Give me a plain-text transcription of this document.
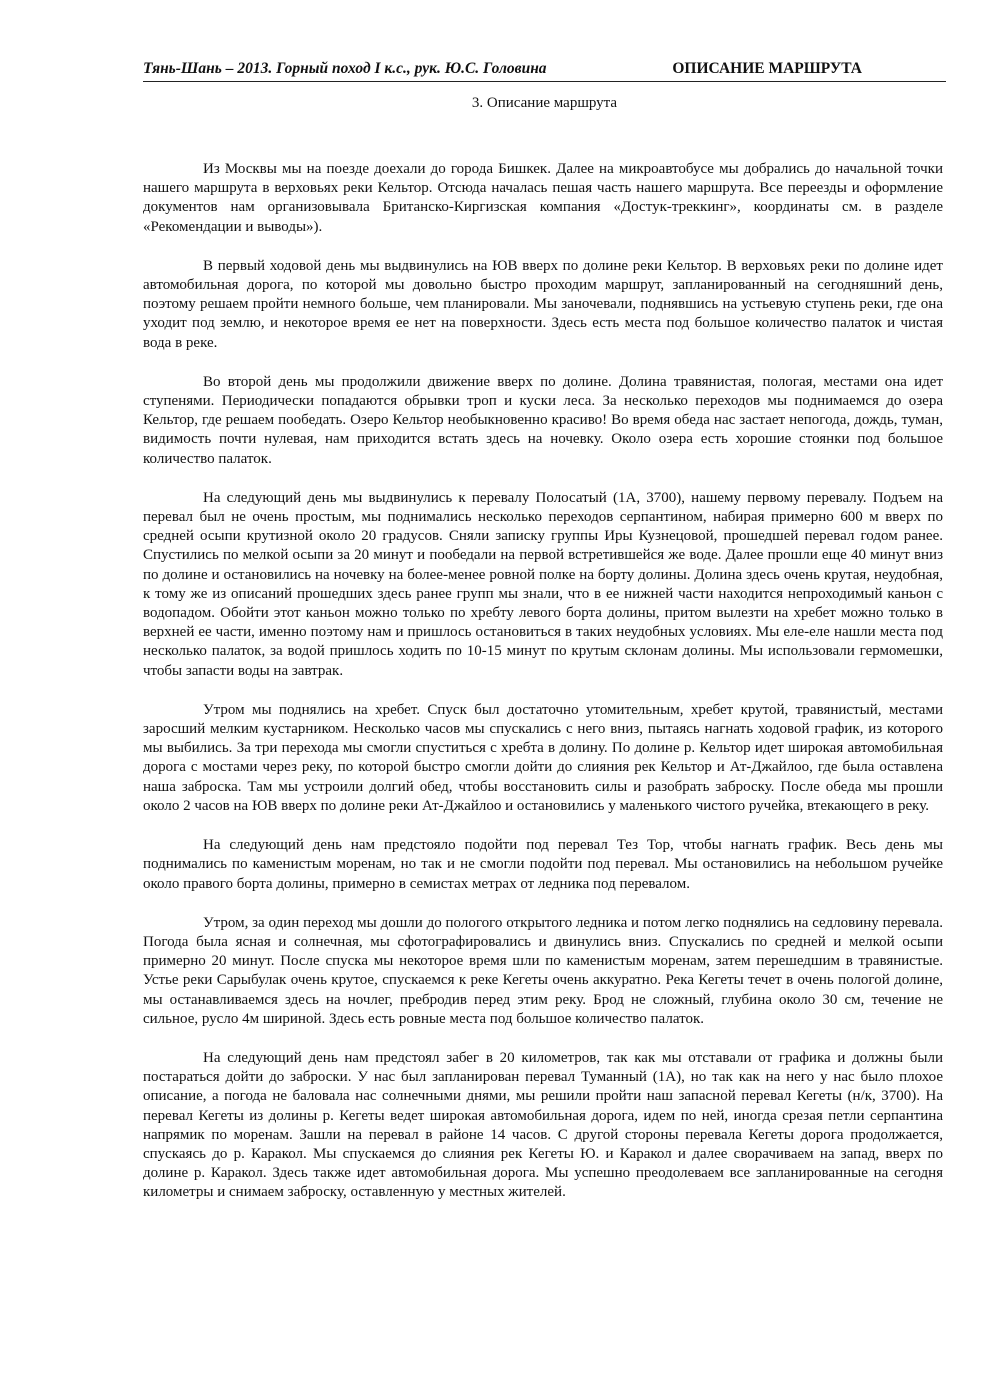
Тянь-Шань – 2013. Горный поход I к.с., рук. Ю.С. Головина	ОПИСАНИЕ МАРШРУТА
3. Описание маршрута

Из Москвы мы на поезде доехали до города Бишкек. Далее на микроавтобусе мы добрались до начальной точки нашего маршрута в верховьях реки Кельтор. Отсюда началась пешая часть нашего маршрута. Все переезды и оформление документов нам организовывала Британско-Киргизская компания «Достук-треккинг», координаты см. в разделе «Рекомендации и выводы»).

В первый ходовой день мы выдвинулись на ЮВ вверх по долине реки Кельтор. В верховьях реки по долине идет автомобильная дорога, по которой мы довольно быстро проходим маршрут, запланированный на сегодняшний день, поэтому решаем пройти немного больше, чем планировали. Мы заночевали, поднявшись на устьевую ступень реки, где она уходит под землю, и некоторое время ее нет на поверхности. Здесь есть места под большое количество палаток и чистая вода в реке.

Во второй день мы продолжили движение вверх по долине. Долина травянистая, пологая, местами она идет ступенями. Периодически попадаются обрывки троп и куски леса. За несколько переходов мы поднимаемся до озера Кельтор, где решаем пообедать. Озеро Кельтор необыкновенно красиво! Во время обеда нас застает непогода, дождь, туман, видимость почти нулевая, нам приходится встать здесь на ночевку. Около озера есть хорошие стоянки под большое количество палаток.

На следующий день мы выдвинулись к перевалу Полосатый (1А, 3700), нашему первому перевалу. Подъем на перевал был не очень простым, мы поднимались несколько переходов серпантином, набирая примерно 600 м вверх по средней осыпи крутизной около 20 градусов. Сняли записку группы Иры Кузнецовой, прошедшей перевал годом ранее. Спустились по мелкой осыпи за 20 минут и пообедали на первой встретившейся же воде. Далее прошли еще 40 минут вниз по долине и остановились на ночевку на более-менее ровной полке на борту долины. Долина здесь очень крутая, неудобная, к тому же из описаний прошедших здесь ранее групп мы знали, что в ее нижней части находится непроходимый каньон с водопадом. Обойти этот каньон можно только по хребту левого борта долины, притом вылезти на хребет можно только в верхней ее части, именно поэтому нам и пришлось остановиться в таких неудобных условиях. Мы еле-еле нашли места под несколько палаток, за водой пришлось ходить по 10-15 минут по крутым склонам долины. Мы использовали гермомешки, чтобы запасти воды на завтрак.

Утром мы поднялись на хребет. Спуск был достаточно утомительным, хребет крутой, травянистый, местами заросший мелким кустарником. Несколько часов мы спускались с него вниз, пытаясь нагнать ходовой график, из которого мы выбились. За три перехода мы смогли спуститься с хребта в долину. По долине р. Кельтор идет широкая автомобильная дорога с мостами через реку, по которой быстро смогли дойти до слияния рек Кельтор и Ат-Джайлоо, где была оставлена наша заброска. Там мы устроили долгий обед, чтобы восстановить силы и разобрать заброску. После обеда мы прошли около 2 часов на ЮВ вверх по долине реки Ат-Джайлоо и остановились у маленького чистого ручейка, втекающего в реку.

На следующий день нам предстояло подойти под перевал Тез Тор, чтобы нагнать график. Весь день мы поднимались по каменистым моренам, но так и не смогли подойти под перевал. Мы остановились на небольшом ручейке около правого борта долины, примерно в семистах метрах от ледника под перевалом.

Утром, за один переход мы дошли до пологого открытого ледника и потом легко поднялись на седловину перевала. Погода была ясная и солнечная, мы сфотографировались и двинулись вниз. Спускались по средней и мелкой осыпи примерно 20 минут. После спуска мы некоторое время шли по каменистым моренам, затем перешедшим в травянистые. Устье реки Сарыбулак очень крутое, спускаемся к реке Кегеты очень аккуратно. Река Кегеты течет в очень пологой долине, мы останавливаемся здесь на ночлег, пребродив перед этим реку. Брод не сложный, глубина около 30 см, течение не сильное, русло 4м шириной. Здесь есть ровные места под большое количество палаток.

На следующий день нам предстоял забег в 20 километров, так как мы отставали от графика и должны были постараться дойти до заброски. У нас был запланирован перевал Туманный (1А), но так как на него у нас было плохое описание, а погода не баловала нас солнечными днями, мы решили пройти наш запасной перевал Кегеты (н/к, 3700). На перевал Кегеты из долины р. Кегеты ведет широкая автомобильная дорога, идем по ней, иногда срезая петли серпантина напрямик по моренам. Зашли на перевал в районе 14 часов. С другой стороны перевала Кегеты дорога продолжается, спускаясь до р. Каракол. Мы спускаемся до слияния рек Кегеты Ю. и Каракол и далее сворачиваем на запад, вверх по долине р. Каракол. Здесь также идет автомобильная дорога. Мы успешно преодолеваем все запланированные на сегодня километры и снимаем заброску, оставленную у местных жителей.
